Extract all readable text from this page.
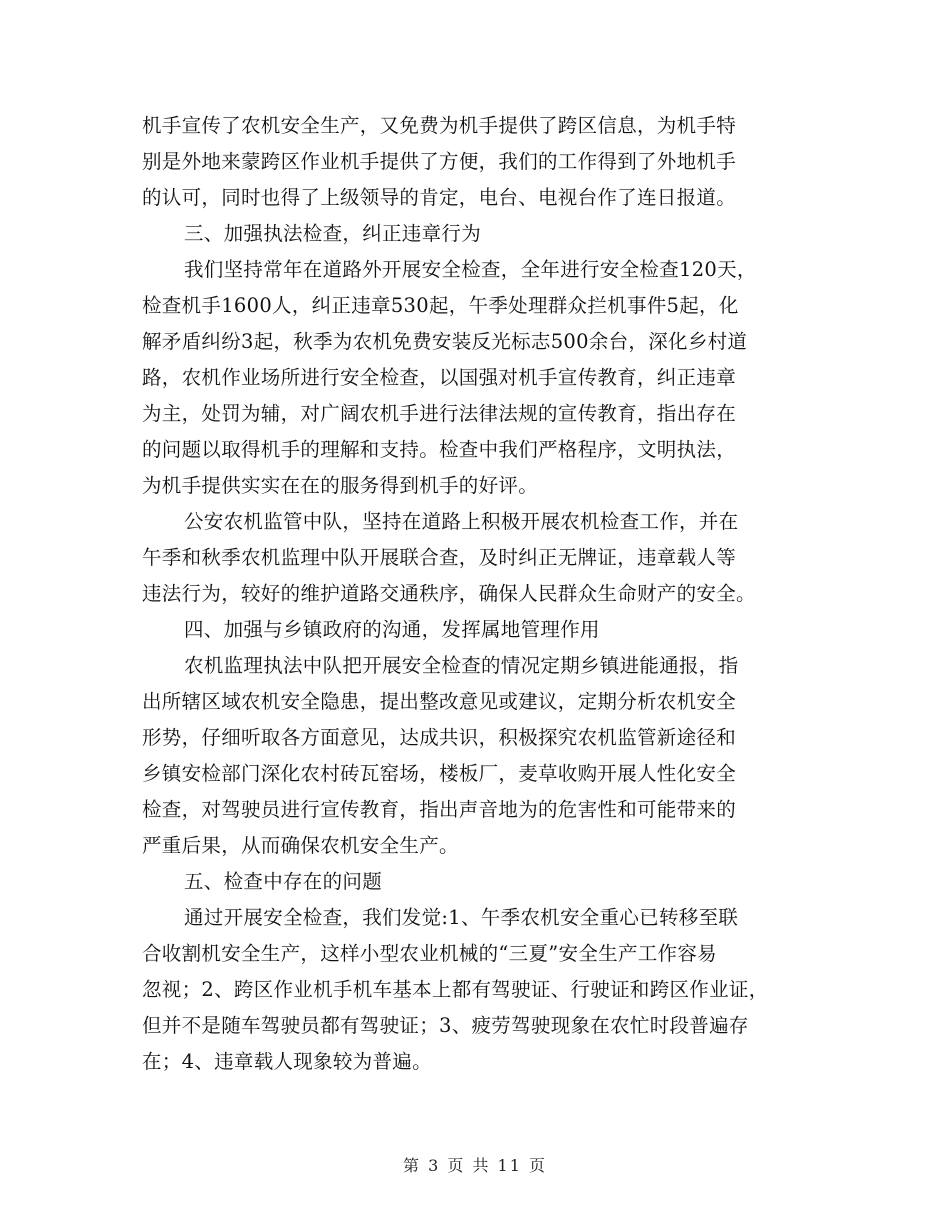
机手宣传了农机安全生产，又免费为机手提供了跨区信息，为机手特
别是外地来蒙跨区作业机手提供了方便，我们的工作得到了外地机手
的认可，同时也得了上级领导的肯定，电台、电视台作了连日报道。
三、加强执法检查，纠正违章行为
我们坚持常年在道路外开展安全检查，全年进行安全检查120天，
检查机手1600人，纠正违章530起，午季处理群众拦机事件5起，化
解矛盾纠纷3起，秋季为农机免费安装反光标志500余台，深化乡村道
路，农机作业场所进行安全检查，以国强对机手宣传教育，纠正违章
为主，处罚为辅，对广阔农机手进行法律法规的宣传教育，指出存在
的问题以取得机手的理解和支持。检查中我们严格程序，文明执法，
为机手提供实实在在的服务得到机手的好评。
公安农机监管中队，坚持在道路上积极开展农机检查工作，并在
午季和秋季农机监理中队开展联合查，及时纠正无牌证，违章载人等
违法行为，较好的维护道路交通秩序，确保人民群众生命财产的安全。
四、加强与乡镇政府的沟通，发挥属地管理作用
农机监理执法中队把开展安全检查的情况定期乡镇进能通报，指
出所辖区域农机安全隐患，提出整改意见或建议，定期分析农机安全
形势，仔细听取各方面意见，达成共识，积极探究农机监管新途径和
乡镇安检部门深化农村砖瓦窑场，楼板厂，麦草收购开展人性化安全
检查，对驾驶员进行宣传教育，指出声音地为的危害性和可能带来的
严重后果，从而确保农机安全生产。
五、检查中存在的问题
通过开展安全检查，我们发觉:1、午季农机安全重心已转移至联
合收割机安全生产，这样小型农业机械的“三夏”安全生产工作容易
忽视；2、跨区作业机手机车基本上都有驾驶证、行驶证和跨区作业证，
但并不是随车驾驶员都有驾驶证；3、疲劳驾驶现象在农忙时段普遍存
在；4、违章载人现象较为普遍。
第 3 页 共 11 页
